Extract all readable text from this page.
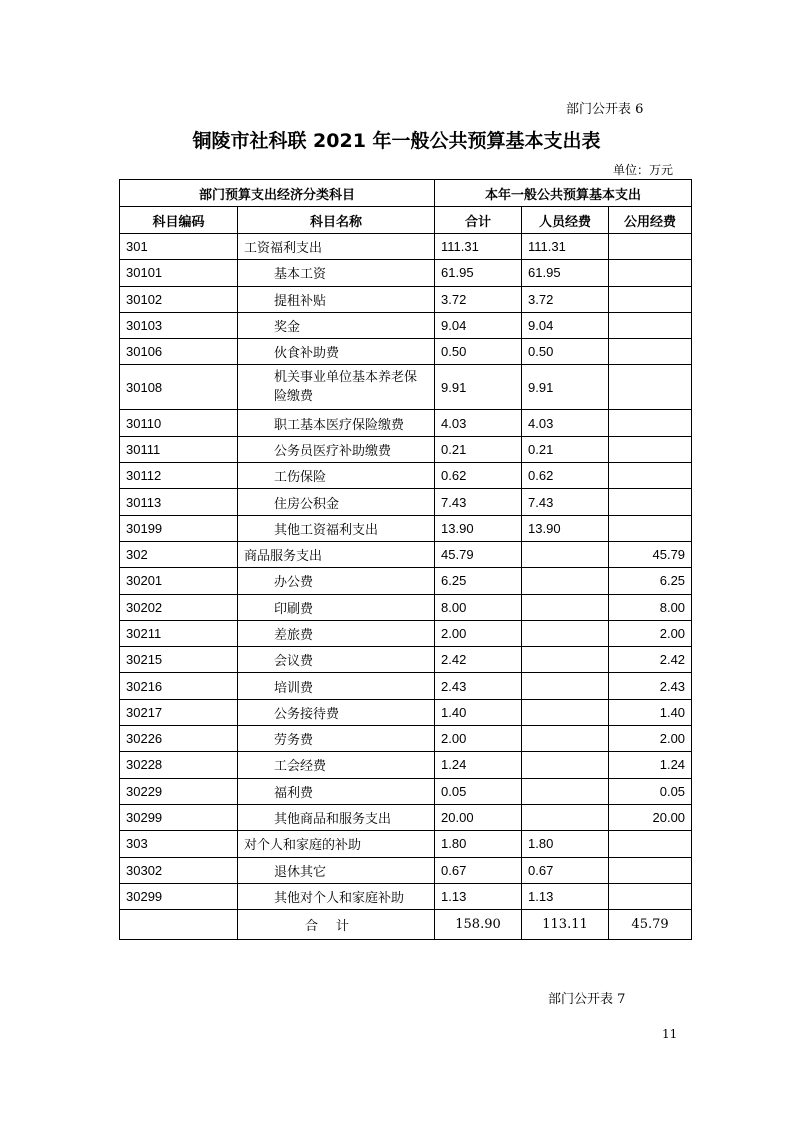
部门公开表 6
铜陵市社科联 2021 年一般公共预算基本支出表
单位：万元
部门预算支出经济分类科目		本年一般公共预算基本支出		
科目编码	科目名称	合计	人员经费	公用经费
301	工资福利支出	111.31	111.31	
30101	基本工资	61.95	61.95	
30102	提租补贴	3.72	3.72	
30103	奖金	9.04	9.04	
30106	伙食补助费	0.50	0.50	
30108	机关事业单位基本养老保险缴费	9.91	9.91	
30110	职工基本医疗保险缴费	4.03	4.03	
30111	公务员医疗补助缴费	0.21	0.21	
30112	工伤保险	0.62	0.62	
30113	住房公积金	7.43	7.43	
30199	其他工资福利支出	13.90	13.90	
302	商品服务支出	45.79		45.79
30201	办公费	6.25		6.25
30202	印刷费	8.00		8.00
30211	差旅费	2.00		2.00
30215	会议费	2.42		2.42
30216	培训费	2.43		2.43
30217	公务接待费	1.40		1.40
30226	劳务费	2.00		2.00
30228	工会经费	1.24		1.24
30229	福利费	0.05		0.05
30299	其他商品和服务支出	20.00		20.00
303	对个人和家庭的补助	1.80	1.80	
30302	退休其它	0.67	0.67	
30299	其他对个人和家庭补助	1.13	1.13	
	合计	158.90	113.11	45.79
部门公开表 7
11
